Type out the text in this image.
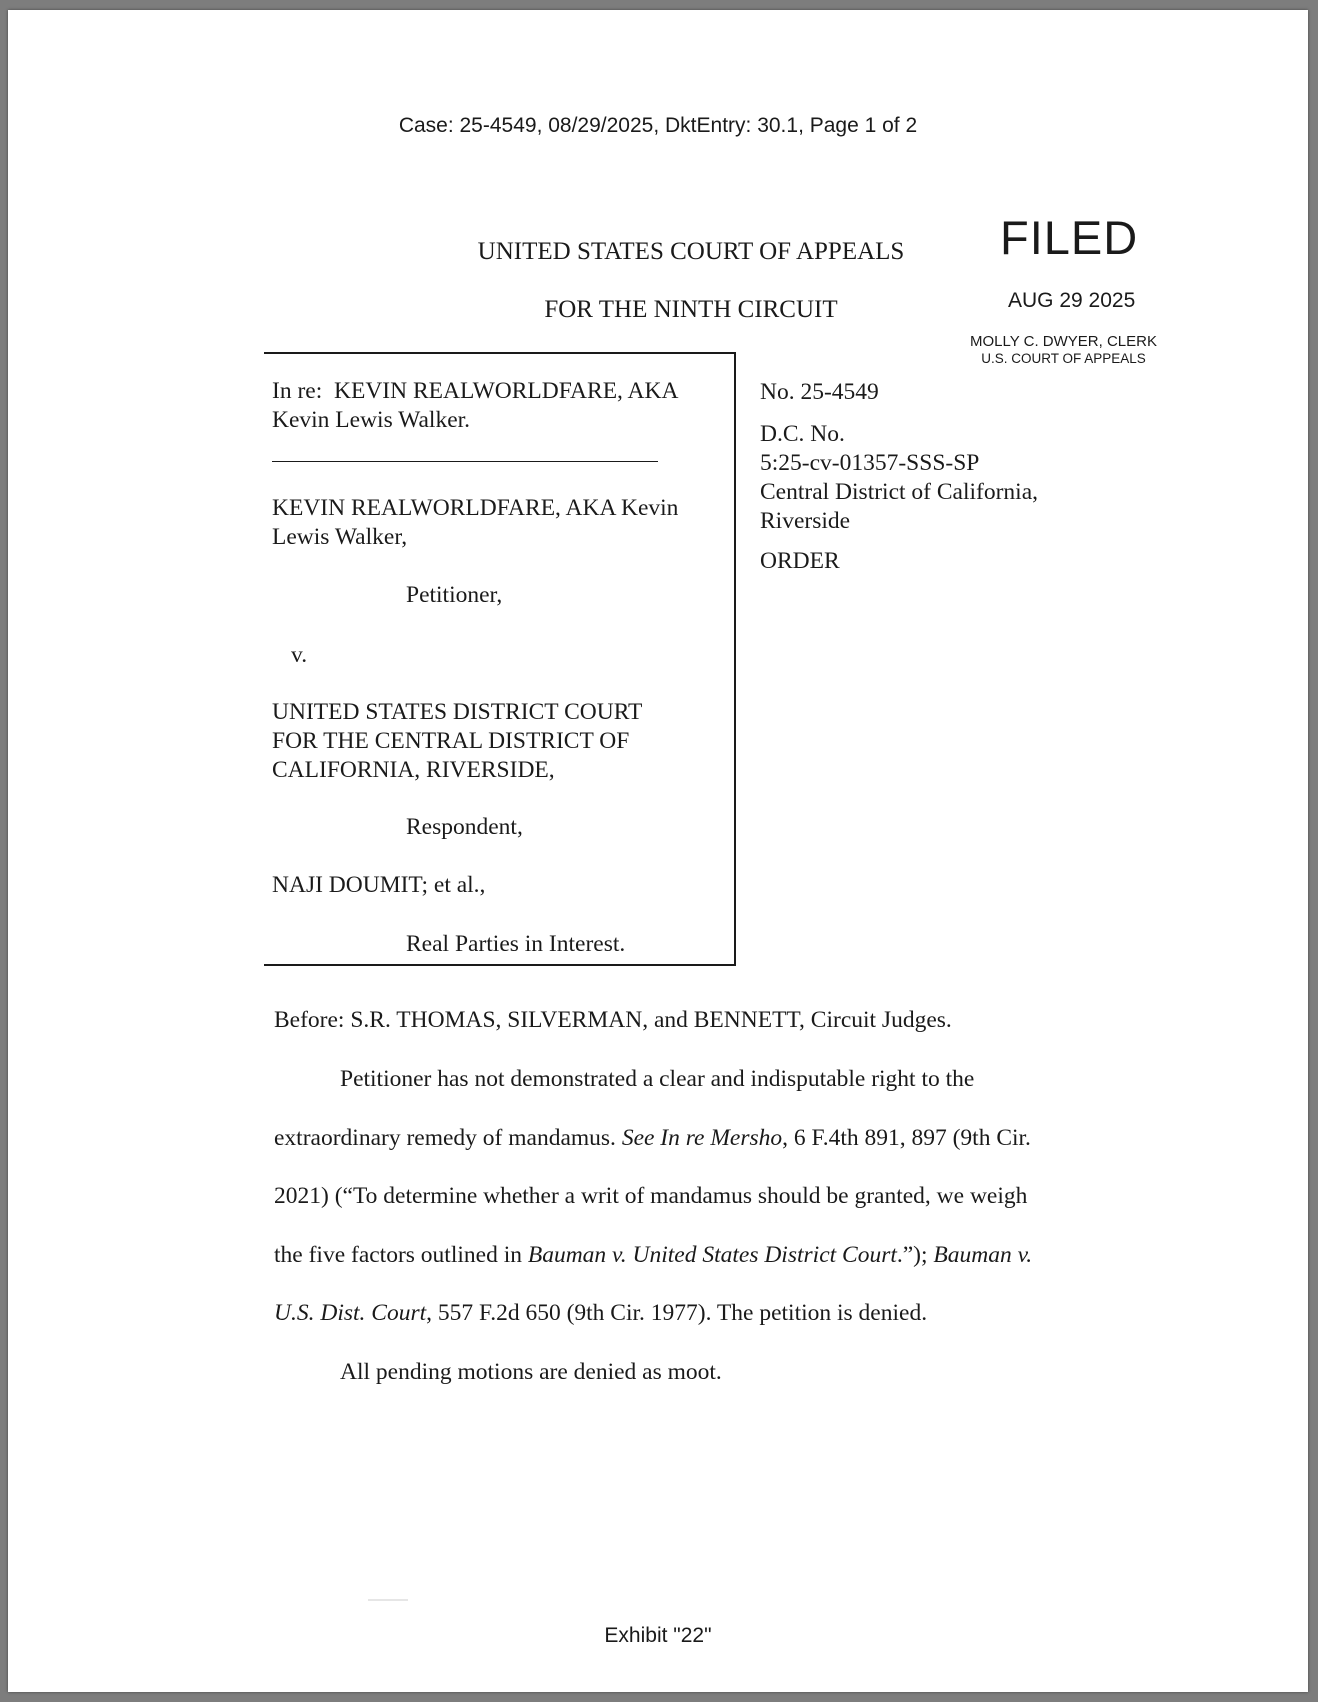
Case: 25-4549, 08/29/2025, DktEntry: 30.1, Page 1 of 2
UNITED STATES COURT OF APPEALS
FOR THE NINTH CIRCUIT
FILED
AUG 29 2025
MOLLY C. DWYER, CLERK
U.S. COURT OF APPEALS
In re: KEVIN REALWORLDFARE, AKA
Kevin Lewis Walker.
KEVIN REALWORLDFARE, AKA Kevin
Lewis Walker,
Petitioner,
v.
UNITED STATES DISTRICT COURT
FOR THE CENTRAL DISTRICT OF
CALIFORNIA, RIVERSIDE,
Respondent,
NAJI DOUMIT; et al.,
Real Parties in Interest.
No. 25-4549
D.C. No.
5:25-cv-01357-SSS-SP
Central District of California,
Riverside
ORDER
Before: S.R. THOMAS, SILVERMAN, and BENNETT, Circuit Judges.
Petitioner has not demonstrated a clear and indisputable right to the
extraordinary remedy of mandamus. See In re Mersho, 6 F.4th 891, 897 (9th Cir.
2021) (“To determine whether a writ of mandamus should be granted, we weigh
the five factors outlined in Bauman v. United States District Court.”); Bauman v.
U.S. Dist. Court, 557 F.2d 650 (9th Cir. 1977). The petition is denied.
All pending motions are denied as moot.
Exhibit "22"
